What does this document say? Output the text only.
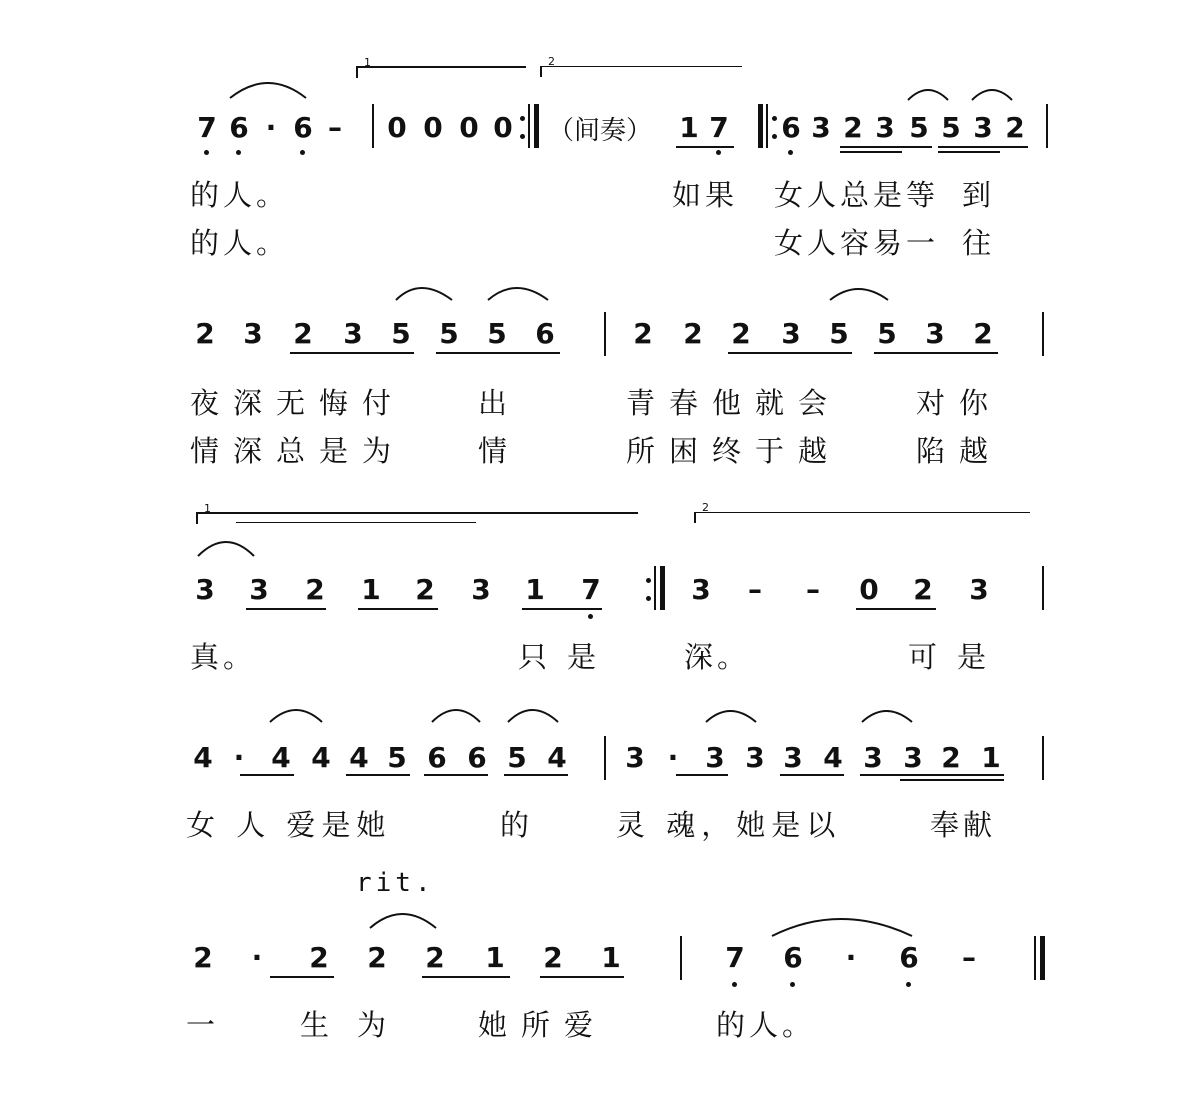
1	2
7 6 · 6 – 0 0 0 0 （间奏） 1 7 6 3 2 3 5 5 3 2
的人。	如果 女人总是等 到
的人。	女人容易一 往
2 3 2 3 5 5 5 6	2 2 2 3 5 5 3 2
夜深无悔付	出	青春他就会	对你
情深总是为	情	所困终于越	陷越
1	2
3 3 2 1 2 3 1 7	3 – – 0 2 3
真。	只是 深。	可是
4 · 4 4 4 5 6 6 5 4 3 · 3 3 3 4 3 3 2 1
女 人 爱是她	的	灵 魂，她是以	奉献
rit.
2 · 2 2 2 1 2 1	7 6 · 6 –
一	生为 她所爱	的人。
